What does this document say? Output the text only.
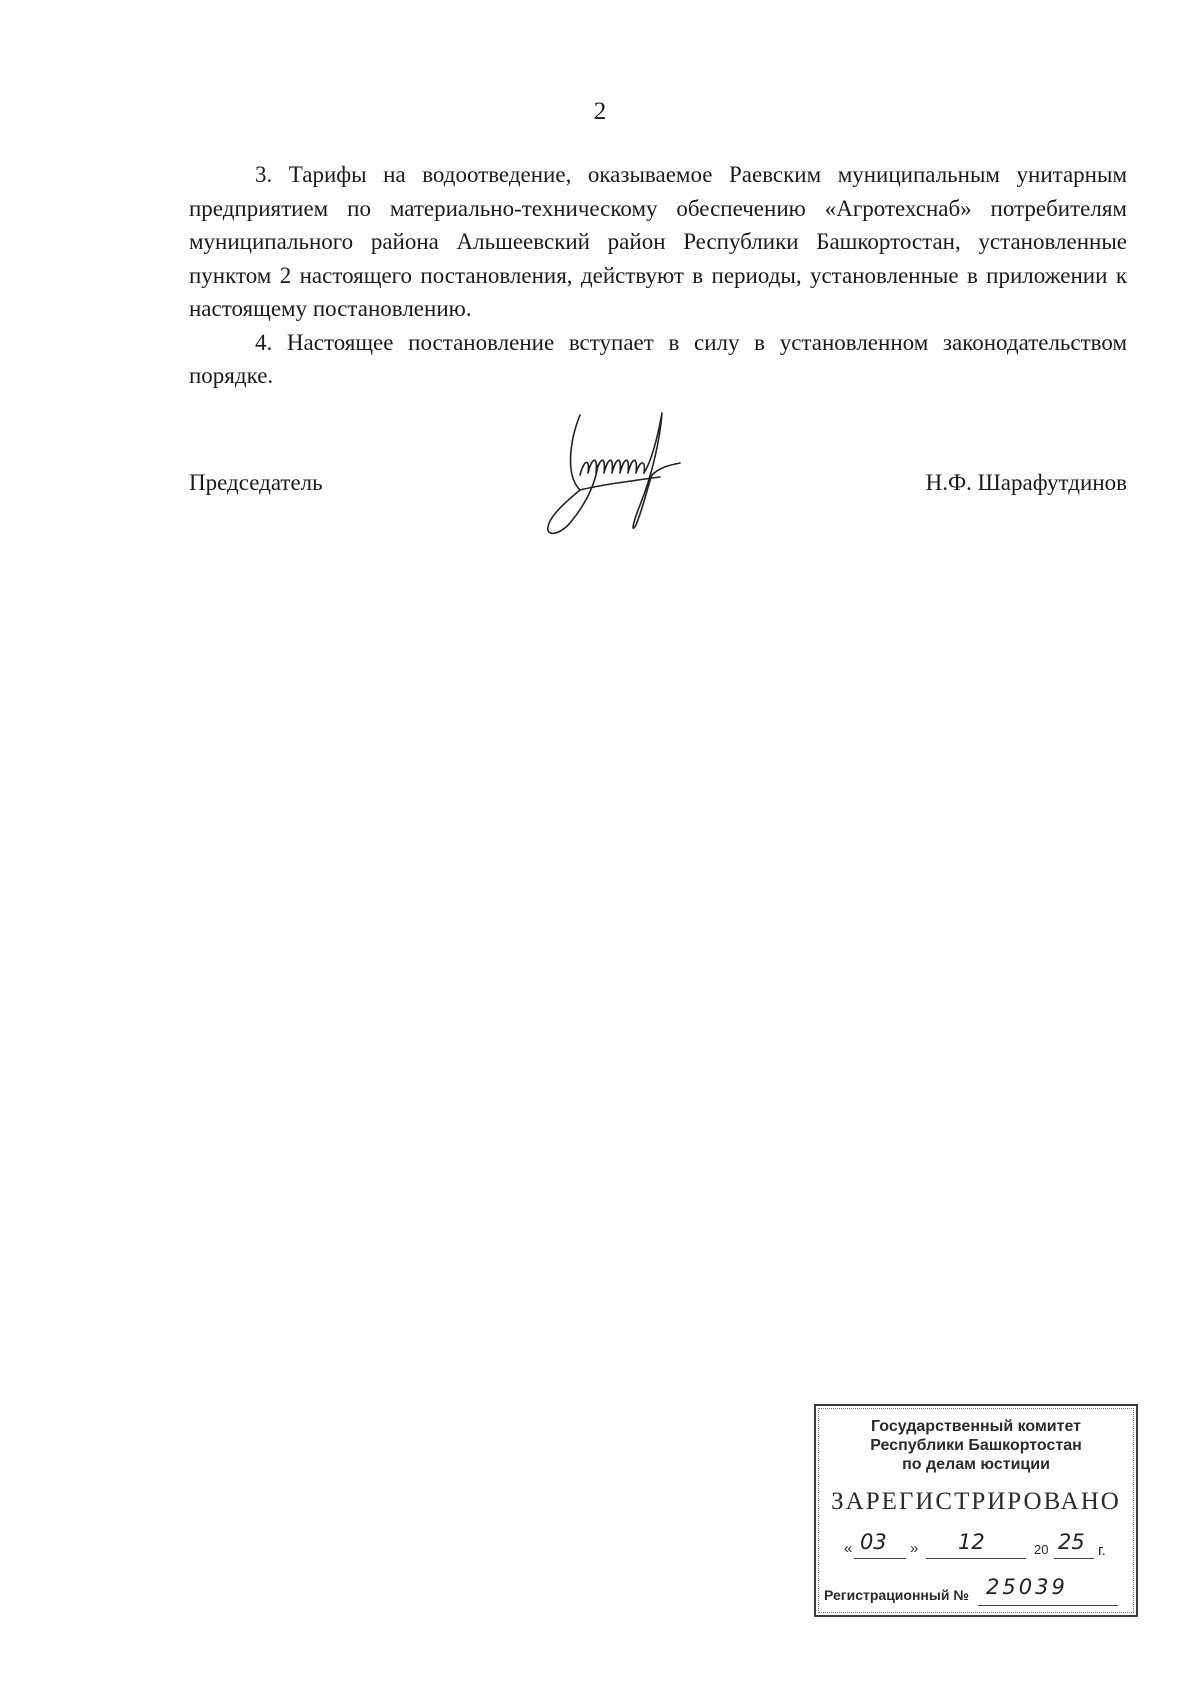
2

3. Тарифы на водоотведение, оказываемое Раевским муниципальным унитарным предприятием по материально-техническому обеспечению «Агротехснаб» потребителям муниципального района Альшеевский район Республики Башкортостан, установленные пунктом 2 настоящего постановления, действуют в периоды, установленные в приложении к настоящему постановлению.

4. Настоящее постановление вступает в силу в установленном законодательством порядке.

Председатель	Н.Ф. Шарафутдинов
Государственный комитет
Республики Башкортостан
по делам юстиции
ЗАРЕГИСТРИРОВАНО
« 03 » 12	20 25 г.
Регистрационный № 25039
